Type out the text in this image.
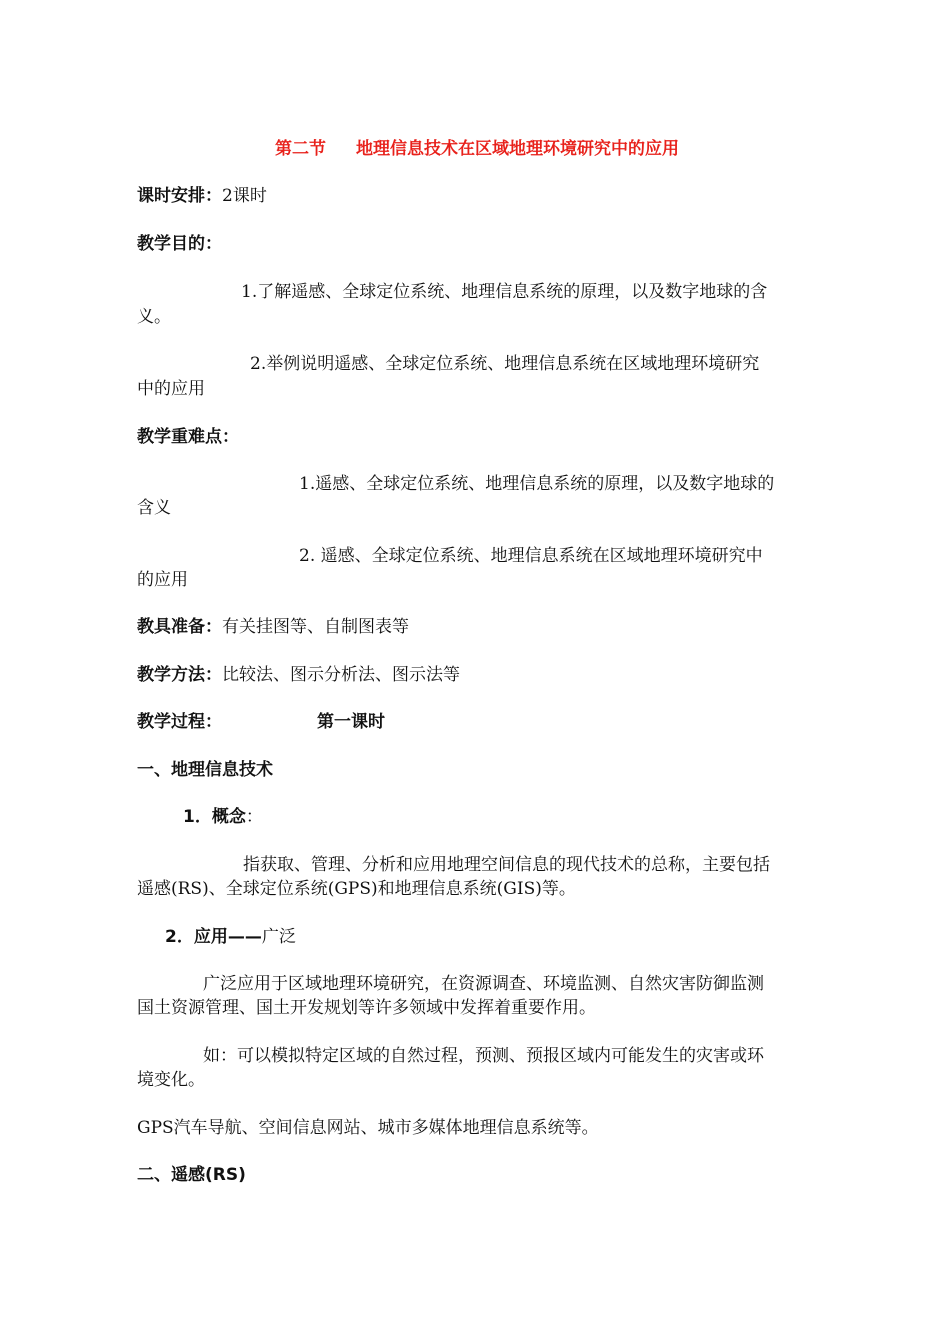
第二节 地理信息技术在区域地理环境研究中的应用
课时安排：2课时
教学目的：
1.了解遥感、全球定位系统、地理信息系统的原理，以及数字地球的含
义。
2.举例说明遥感、全球定位系统、地理信息系统在区域地理环境研究
中的应用
教学重难点：
1.遥感、全球定位系统、地理信息系统的原理，以及数字地球的
含义
2. 遥感、全球定位系统、地理信息系统在区域地理环境研究中
的应用
教具准备：有关挂图等、自制图表等
教学方法：比较法、图示分析法、图示法等
教学过程：	第一课时
一、地理信息技术
1．概念：
指获取、管理、分析和应用地理空间信息的现代技术的总称，主要包括
遥感(RS)、全球定位系统(GPS)和地理信息系统(GIS)等。
2．应用——广泛
广泛应用于区域地理环境研究，在资源调查、环境监测、自然灾害防御监测
国土资源管理、国土开发规划等许多领域中发挥着重要作用。
如：可以模拟特定区域的自然过程，预测、预报区域内可能发生的灾害或环
境变化。
GPS汽车导航、空间信息网站、城市多媒体地理信息系统等。
二、遥感(RS)
